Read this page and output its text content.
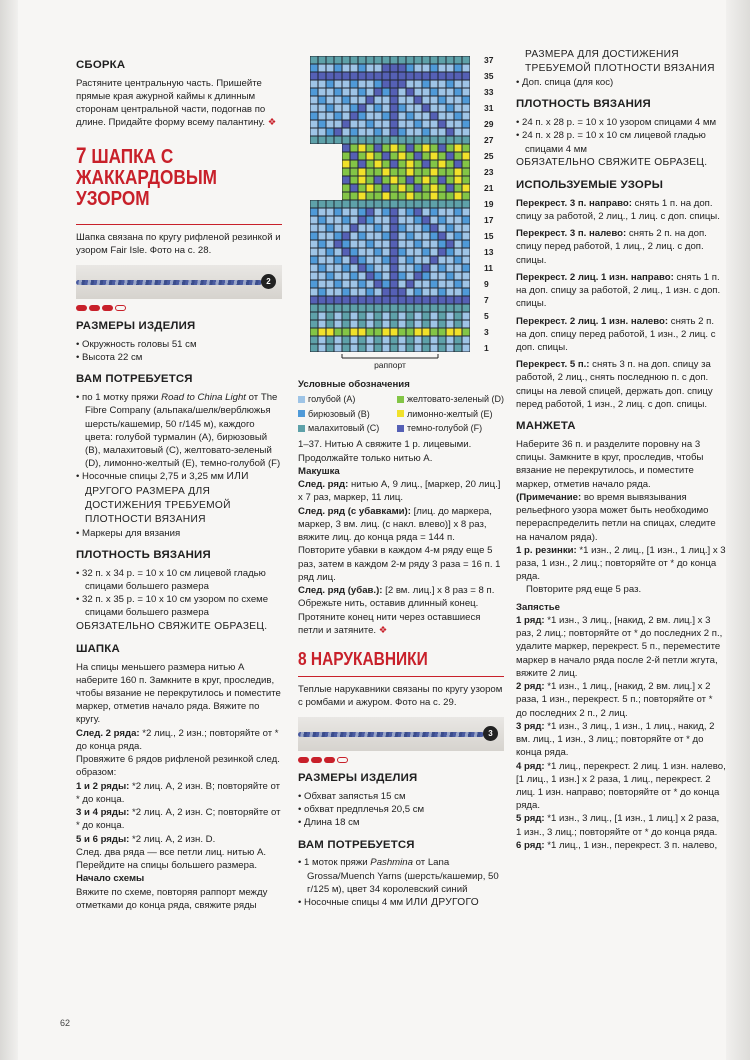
СБОРКА

Растяните центральную часть. Пришейте прямые края ажурной каймы к длинным сторонам центральной части, подогнав по длине. Придайте форму всему палантину. ❖

7 ШАПКА С ЖАККАРДОВЫМ УЗОРОМ

Шапка связана по кругу рифленой резинкой и узором Fair Isle. Фото на с. 28.

2
РАЗМЕРЫ ИЗДЕЛИЯ

• Окружность головы 51 см

• Высота 22 см

ВАМ ПОТРЕБУЕТСЯ

• по 1 мотку пряжи Road to China Light от The Fibre Company (альпака/шелк/верблюжья шерсть/кашемир, 50 г/145 м), каждого цвета: голубой турмалин (A), бирюзовый (B), малахитовый (C), желтовато-зеленый (D), лимонно-желтый (E), темно-голубой (F)

• Носочные спицы 2,75 и 3,25 мм ИЛИ ДРУГОГО РАЗМЕРА ДЛЯ ДОСТИЖЕНИЯ ТРЕБУЕМОЙ ПЛОТНОСТИ ВЯЗАНИЯ

• Маркеры для вязания

ПЛОТНОСТЬ ВЯЗАНИЯ

• 32 п. x 34 р. = 10 x 10 см лицевой гладью спицами большего размера

• 32 п. x 35 р. = 10 x 10 см узором по схеме спицами большего размера

ОБЯЗАТЕЛЬНО СВЯЖИТЕ ОБРАЗЕЦ.

ШАПКА

На спицы меньшего размера нитью А наберите 160 п. Замкните в круг, проследив, чтобы вязание не перекрутилось и поместите маркер, отметив начало ряда. Вяжите по кругу.

След. 2 ряда: *2 лиц., 2 изн.; повторяйте от * до конца ряда.

Провяжите 6 рядов рифленой резинкой след. образом:

1 и 2 ряды: *2 лиц. А, 2 изн. В; повторяйте от * до конца.

3 и 4 ряды: *2 лиц. А, 2 изн. С; повторяйте от * до конца.

5 и 6 ряды: *2 лиц. А, 2 изн. D.

След. два ряда — все петли лиц. нитью А. Перейдите на спицы большего размера.

Начало схемы

Вяжите по схеме, повторяя раппорт между отметками до конца ряда, свяжите ряды

37
35
33
31
29
27
25
23
21
19
17
15
13
11
9
7
5
3
1
раппорт

Условные обозначения

голубой (A)	желтовато-зеленый (D)
бирюзовый (B)	лимонно-желтый (E)
малахитовый (C)	темно-голубой (F)

1–37. Нитью А свяжите 1 р. лицевыми. Продолжайте только нитью А.

Макушка

След. ряд: нитью А, 9 лиц., [маркер, 20 лиц.] x 7 раз, маркер, 11 лиц.

След. ряд (с убавками): [лиц. до маркера, маркер, 3 вм. лиц. (с накл. влево)] x 8 раз, вяжите лиц. до конца ряда = 144 п.

Повторите убавки в каждом 4-м ряду еще 5 раз, затем в каждом 2-м ряду 3 раза = 16 п. 1 ряд лиц.

След. ряд (убав.): [2 вм. лиц.] x 8 раз = 8 п. Обрежьте нить, оставив длинный конец. Протяните конец нити через оставшиеся петли и затяните. ❖

8 НАРУКАВНИКИ

Теплые нарукавники связаны по кругу узором с ромбами и ажуром. Фото на с. 29.

3
РАЗМЕРЫ ИЗДЕЛИЯ

• Обхват запястья 15 см

• обхват предплечья 20,5 см

• Длина 18 см

ВАМ ПОТРЕБУЕТСЯ

• 1 моток пряжи Pashmina от Lana Grossa/Muench Yarns (шерсть/кашемир, 50 г/125 м), цвет 34 королевский синий

• Носочные спицы 4 мм ИЛИ ДРУГОГО

РАЗМЕРА ДЛЯ ДОСТИЖЕНИЯ ТРЕБУЕМОЙ ПЛОТНОСТИ ВЯЗАНИЯ

• Доп. спица (для кос)

ПЛОТНОСТЬ ВЯЗАНИЯ

• 24 п. x 28 р. = 10 x 10 узором спицами 4 мм

• 24 п. x 28 р. = 10 x 10 см лицевой гладью спицами 4 мм

ОБЯЗАТЕЛЬНО СВЯЖИТЕ ОБРАЗЕЦ.

ИСПОЛЬЗУЕМЫЕ УЗОРЫ

Перекрест. 3 п. направо: снять 1 п. на доп. спицу за работой, 2 лиц., 1 лиц. с доп. спицы.

Перекрест. 3 п. налево: снять 2 п. на доп. спицу перед работой, 1 лиц., 2 лиц. с доп. спицы.

Перекрест. 2 лиц. 1 изн. направо: снять 1 п. на доп. спицу за работой, 2 лиц., 1 изн. с доп. спицы.

Перекрест. 2 лиц. 1 изн. налево: снять 2 п. на доп. спицу перед работой, 1 изн., 2 лиц. с доп. спицы.

Перекрест. 5 п.: снять 3 п. на доп. спицу за работой, 2 лиц., снять последнюю п. с доп. спицы на левой спицей, держать доп. спицу перед работой, 1 изн., 2 лиц. с доп. спицы.

МАНЖЕТА

Наберите 36 п. и разделите поровну на 3 спицы. Замкните в круг, проследив, чтобы вязание не перекрутилось, и поместите маркер, отметив начало ряда.

(Примечание: во время вывязывания рельефного узора может быть необходимо перераспределить петли на спицах, следите на началом ряда).

1 р. резинки: *1 изн., 2 лиц., [1 изн., 1 лиц.] x 3 раза, 1 изн., 2 лиц.; повторяйте от * до конца ряда.

Повторите ряд еще 5 раз.

Запястье

1 ряд: *1 изн., 3 лиц., [накид, 2 вм. лиц.] x 3 раз, 2 лиц.; повторяйте от * до последних 2 п., удалите маркер, перекрест. 5 п., переместите маркер в начало ряда после 2-й петли жгута, вяжите 2 лиц.

2 ряд: *1 изн., 1 лиц., [накид, 2 вм. лиц.] x 2 раза, 1 изн., перекрест. 5 п.; повторяйте от * до последних 2 п., 2 лиц.

3 ряд: *1 изн., 3 лиц., 1 изн., 1 лиц., накид, 2 вм. лиц., 1 изн., 3 лиц.; повторяйте от * до конца ряда.

4 ряд: *1 лиц., перекрест. 2 лиц. 1 изн. налево, [1 лиц., 1 изн.] x 2 раза, 1 лиц., перекрест. 2 лиц. 1 изн. направо; повторяйте от * до конца ряда.

5 ряд: *1 изн., 3 лиц., [1 изн., 1 лиц.] x 2 раза, 1 изн., 3 лиц.; повторяйте от * до конца ряда.

6 ряд: *1 лиц., 1 изн., перекрест. 3 п. налево,

62
